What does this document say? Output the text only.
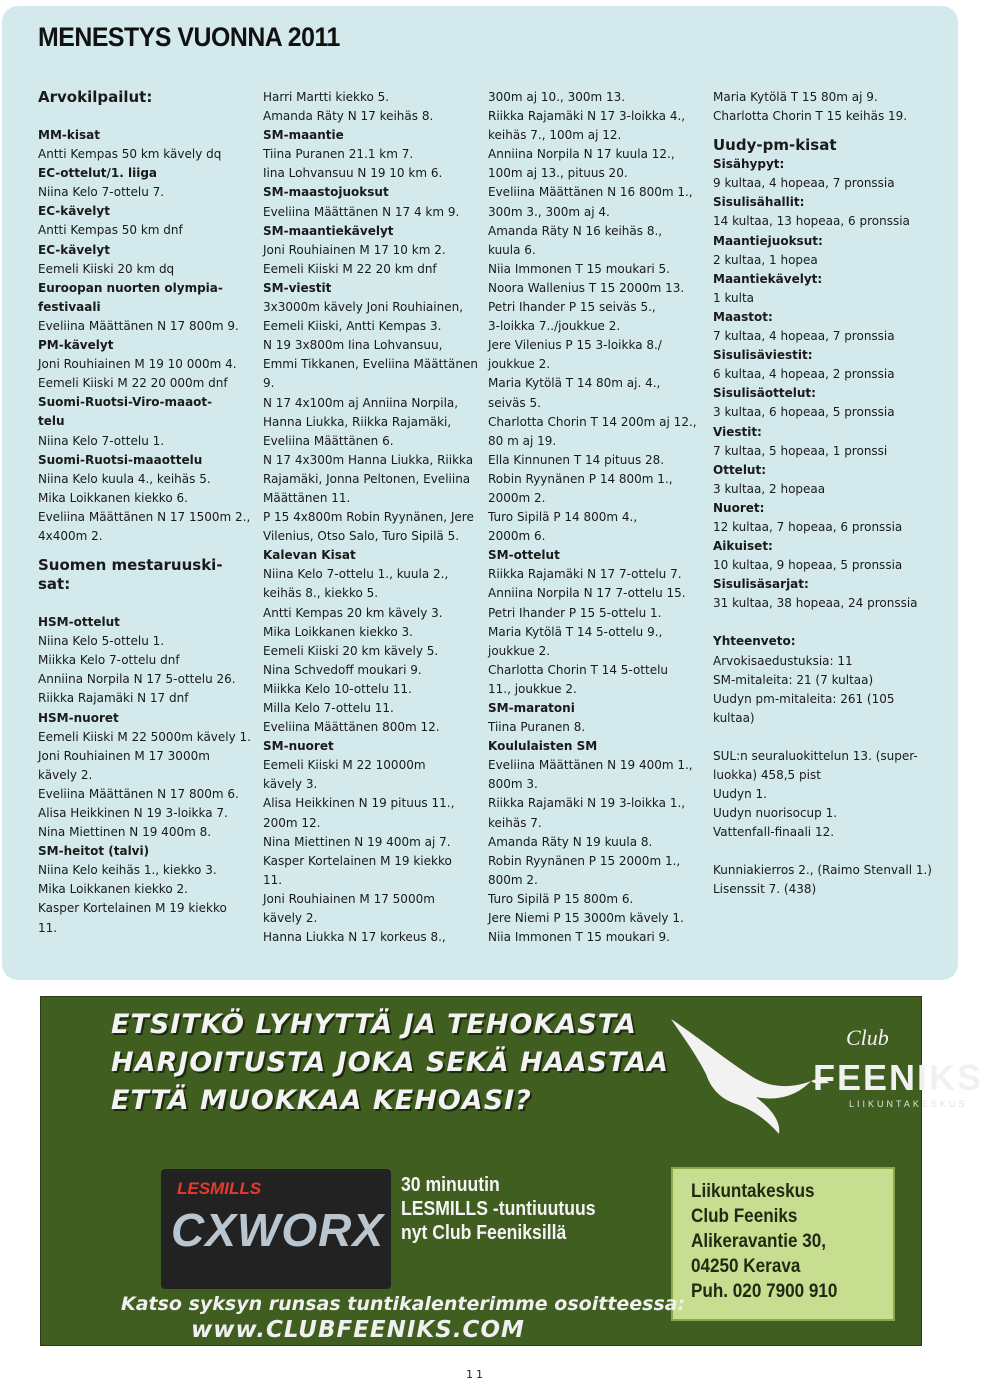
MENESTYS VUONNA 2011
Arvokilpailut:
MM-kisat
Antti Kempas 50 km kävely dq
EC-ottelut/1. liiga
Niina Kelo 7-ottelu 7.
EC-kävelyt
Antti Kempas 50 km dnf
EC-kävelyt
Eemeli Kiiski 20 km dq
Euroopan nuorten olympia-
festivaali
Eveliina Määttänen N 17 800m 9.
PM-kävelyt
Joni Rouhiainen M 19 10 000m 4.
Eemeli Kiiski M 22 20 000m dnf
Suomi-Ruotsi-Viro-maaot-
telu
Niina Kelo 7-ottelu 1.
Suomi-Ruotsi-maaottelu
Niina Kelo kuula 4., keihäs 5.
Mika Loikkanen kiekko 6.
Eveliina Määttänen N 17 1500m 2.,
4x400m 2.
Suomen mestaruuski-
sat:
HSM-ottelut
Niina Kelo 5-ottelu 1.
Miikka Kelo 7-ottelu dnf
Anniina Norpila N 17 5-ottelu 26.
Riikka Rajamäki N 17 dnf
HSM-nuoret
Eemeli Kiiski M 22 5000m kävely 1.
Joni Rouhiainen M 17 3000m
kävely 2.
Eveliina Määttänen N 17 800m 6.
Alisa Heikkinen N 19 3-loikka 7.
Nina Miettinen N 19 400m 8.
SM-heitot (talvi)
Niina Kelo keihäs 1., kiekko 3.
Mika Loikkanen kiekko 2.
Kasper Kortelainen M 19 kiekko
11.
Harri Martti kiekko 5.
Amanda Räty N 17 keihäs 8.
SM-maantie
Tiina Puranen 21.1 km 7.
Iina Lohvansuu N 19 10 km 6.
SM-maastojuoksut
Eveliina Määttänen N 17 4 km 9.
SM-maantiekävelyt
Joni Rouhiainen M 17 10 km 2.
Eemeli Kiiski M 22 20 km dnf
SM-viestit
3x3000m kävely Joni Rouhiainen,
Eemeli Kiiski, Antti Kempas 3.
N 19 3x800m Iina Lohvansuu,
Emmi Tikkanen, Eveliina Määttänen
9.
N 17 4x100m aj Anniina Norpila,
Hanna Liukka, Riikka Rajamäki,
Eveliina Määttänen 6.
N 17 4x300m Hanna Liukka, Riikka
Rajamäki, Jonna Peltonen, Eveliina
Määttänen 11.
P 15 4x800m Robin Ryynänen, Jere
Vilenius, Otso Salo, Turo Sipilä 5.
Kalevan Kisat
Niina Kelo 7-ottelu 1., kuula 2.,
keihäs 8., kiekko 5.
Antti Kempas 20 km kävely 3.
Mika Loikkanen kiekko 3.
Eemeli Kiiski 20 km kävely 5.
Nina Schvedoff moukari 9.
Miikka Kelo 10-ottelu 11.
Milla Kelo 7-ottelu 11.
Eveliina Määttänen 800m 12.
SM-nuoret
Eemeli Kiiski M 22 10000m
kävely 3.
Alisa Heikkinen N 19 pituus 11.,
200m 12.
Nina Miettinen N 19 400m aj 7.
Kasper Kortelainen M 19 kiekko
11.
Joni Rouhiainen M 17 5000m
kävely 2.
Hanna Liukka N 17 korkeus 8.,
300m aj 10., 300m 13.
Riikka Rajamäki N 17 3-loikka 4.,
keihäs 7., 100m aj 12.
Anniina Norpila N 17 kuula 12.,
100m aj 13., pituus 20.
Eveliina Määttänen N 16 800m 1.,
300m 3., 300m aj 4.
Amanda Räty N 16 keihäs 8.,
kuula 6.
Niia Immonen T 15 moukari 5.
Noora Wallenius T 15 2000m 13.
Petri Ihander P 15 seiväs 5.,
3-loikka 7../joukkue 2.
Jere Vilenius P 15 3-loikka 8./
joukkue 2.
Maria Kytölä T 14 80m aj. 4.,
seiväs 5.
Charlotta Chorin T 14 200m aj 12.,
80 m aj 19.
Ella Kinnunen T 14 pituus 28.
Robin Ryynänen P 14 800m 1.,
2000m 2.
Turo Sipilä P 14 800m 4.,
2000m 6.
SM-ottelut
Riikka Rajamäki N 17 7-ottelu 7.
Anniina Norpila N 17 7-ottelu 15.
Petri Ihander P 15 5-ottelu 1.
Maria Kytölä T 14 5-ottelu 9.,
joukkue 2.
Charlotta Chorin T 14 5-ottelu
11., joukkue 2.
SM-maratoni
Tiina Puranen 8.
Koululaisten SM
Eveliina Määttänen N 19 400m 1.,
800m 3.
Riikka Rajamäki N 19 3-loikka 1.,
keihäs 7.
Amanda Räty N 19 kuula 8.
Robin Ryynänen P 15 2000m 1.,
800m 2.
Turo Sipilä P 15 800m 6.
Jere Niemi P 15 3000m kävely 1.
Niia Immonen T 15 moukari 9.
Maria Kytölä T 15 80m aj 9.
Charlotta Chorin T 15 keihäs 19.
Uudy-pm-kisat
Sisähypyt:
9 kultaa, 4 hopeaa, 7 pronssia
Sisulisähallit:
14 kultaa, 13 hopeaa, 6 pronssia
Maantiejuoksut:
2 kultaa, 1 hopea
Maantiekävelyt:
1 kulta
Maastot:
7 kultaa, 4 hopeaa, 7 pronssia
Sisulisäviestit:
6 kultaa, 4 hopeaa, 2 pronssia
Sisulisäottelut:
3 kultaa, 6 hopeaa, 5 pronssia
Viestit:
7 kultaa, 5 hopeaa, 1 pronssi
Ottelut:
3 kultaa, 2 hopeaa
Nuoret:
12 kultaa, 7 hopeaa, 6 pronssia
Aikuiset:
10 kultaa, 9 hopeaa, 5 pronssia
Sisulisäsarjat:
31 kultaa, 38 hopeaa, 24 pronssia
Yhteenveto:
Arvokisaedustuksia: 11
SM-mitaleita: 21 (7 kultaa)
Uudyn pm-mitaleita: 261 (105
kultaa)
SUL:n seuraluokittelun 13. (super-
luokka) 458,5 pist
Uudyn 1.
Uudyn nuorisocup 1.
Vattenfall-finaali 12.
Kunniakierros 2., (Raimo Stenvall 1.)
Lisenssit 7. (438)
ETSITKÖ LYHYTTÄ JA TEHOKASTA
HARJOITUSTA JOKA SEKÄ HAASTAA
ETTÄ MUOKKAA KEHOASI?
Club
FEENIKS
LIIKUNTAKESKUS
LESMILLS
CXWORX
30 minuutin
LESMILLS -tuntiuutuus
nyt Club Feeniksillä
Liikuntakeskus
Club Feeniks
Alikeravantie 30,
04250 Kerava
Puh. 020 7900 910
Katso syksyn runsas tuntikalenterimme osoitteessa:
www.CLUBFEENIKS.COM
11
